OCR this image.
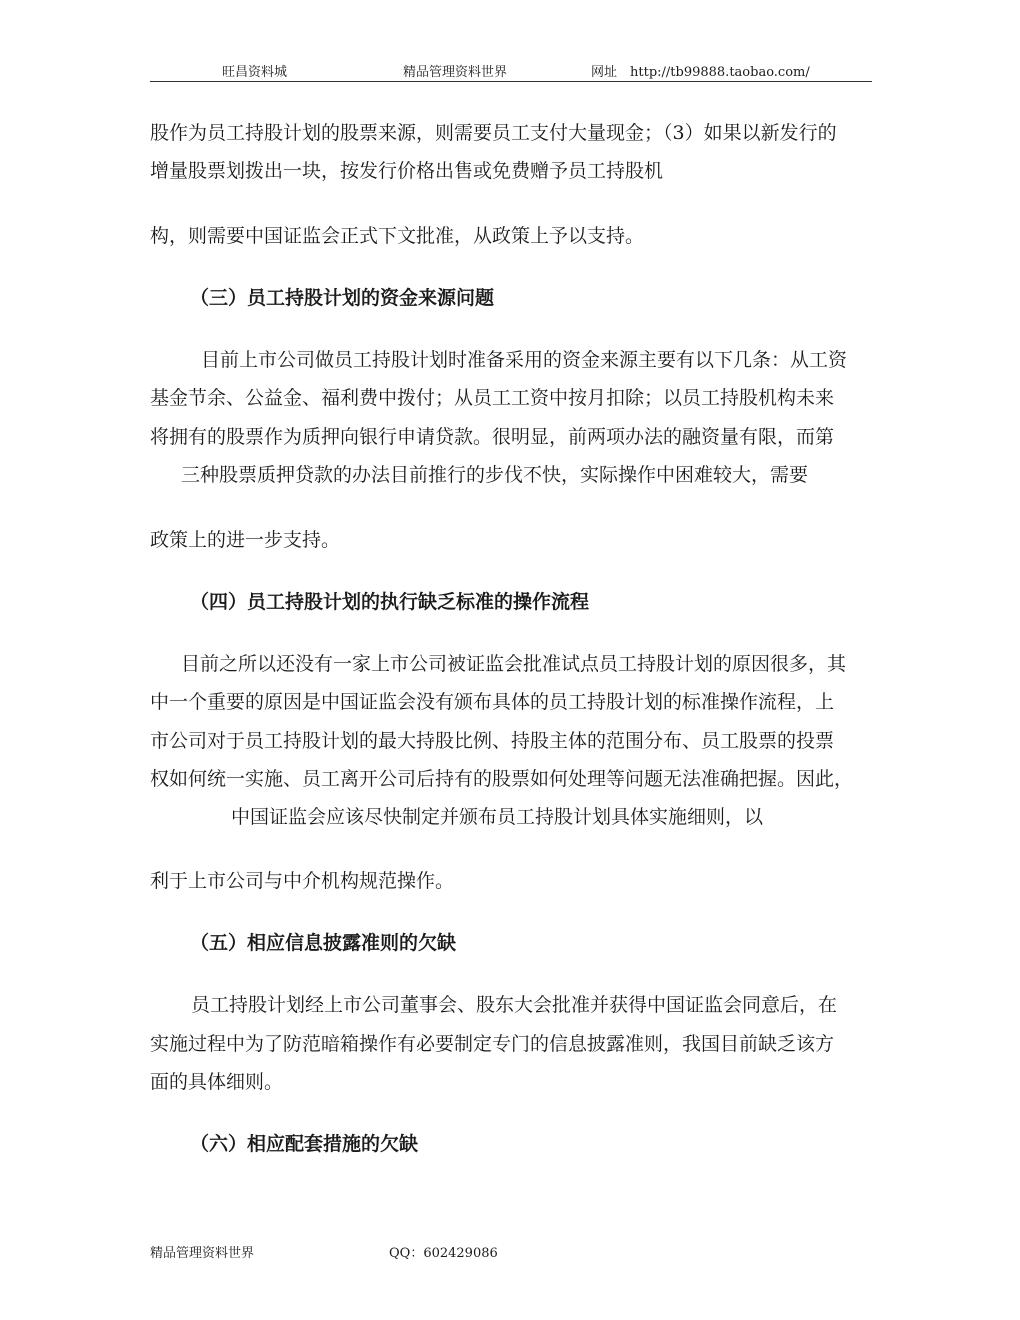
旺昌资料城	精品管理资料世界	网址　http://tb99888.taobao.com/
股作为员工持股计划的股票来源，则需要员工支付大量现金；（3）如果以新发行的
增量股票划拨出一块，按发行价格出售或免费赠予员工持股机
构，则需要中国证监会正式下文批准，从政策上予以支持。
（三）员工持股计划的资金来源问题
目前上市公司做员工持股计划时准备采用的资金来源主要有以下几条：从工资
基金节余、公益金、福利费中拨付；从员工工资中按月扣除；以员工持股机构未来
将拥有的股票作为质押向银行申请贷款。很明显，前两项办法的融资量有限，而第
三种股票质押贷款的办法目前推行的步伐不快，实际操作中困难较大，需要
政策上的进一步支持。
（四）员工持股计划的执行缺乏标准的操作流程
目前之所以还没有一家上市公司被证监会批准试点员工持股计划的原因很多，其
中一个重要的原因是中国证监会没有颁布具体的员工持股计划的标准操作流程，上
市公司对于员工持股计划的最大持股比例、持股主体的范围分布、员工股票的投票
权如何统一实施、员工离开公司后持有的股票如何处理等问题无法准确把握。因此，
中国证监会应该尽快制定并颁布员工持股计划具体实施细则，以
利于上市公司与中介机构规范操作。
（五）相应信息披露准则的欠缺
员工持股计划经上市公司董事会、股东大会批准并获得中国证监会同意后，在
实施过程中为了防范暗箱操作有必要制定专门的信息披露准则，我国目前缺乏该方
面的具体细则。
（六）相应配套措施的欠缺
精品管理资料世界	QQ：602429086
